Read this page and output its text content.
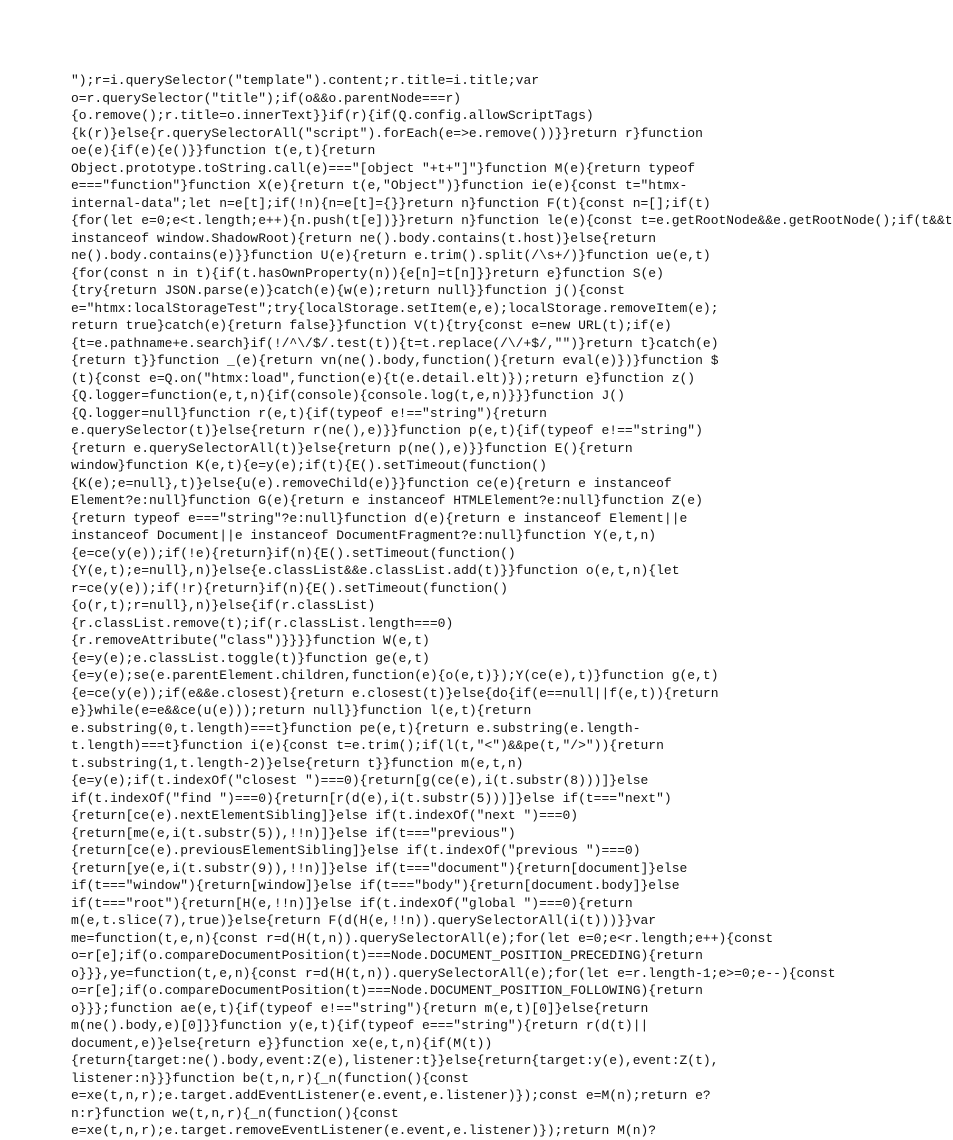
");r=i.querySelector("template").content;r.title=i.title;var
o=r.querySelector("title");if(o&&o.parentNode===r)
{o.remove();r.title=o.innerText}}if(r){if(Q.config.allowScriptTags)
{k(r)}else{r.querySelectorAll("script").forEach(e=>e.remove())}}return r}function
oe(e){if(e){e()}}function t(e,t){return
Object.prototype.toString.call(e)==="[object "+t+"]"}function M(e){return typeof
e==="function"}function X(e){return t(e,"Object")}function ie(e){const t="htmx-
internal-data";let n=e[t];if(!n){n=e[t]={}}return n}function F(t){const n=[];if(t)
{for(let e=0;e<t.length;e++){n.push(t[e])}}return n}function le(e){const t=e.getRootNode&&e.getRootNode();if(t&&t
instanceof window.ShadowRoot){return ne().body.contains(t.host)}else{return
ne().body.contains(e)}}function U(e){return e.trim().split(/\s+/)}function ue(e,t)
{for(const n in t){if(t.hasOwnProperty(n)){e[n]=t[n]}}return e}function S(e)
{try{return JSON.parse(e)}catch(e){w(e);return null}}function j(){const
e="htmx:localStorageTest";try{localStorage.setItem(e,e);localStorage.removeItem(e);
return true}catch(e){return false}}function V(t){try{const e=new URL(t);if(e)
{t=e.pathname+e.search}if(!/^\/$/.test(t)){t=t.replace(/\/+$/,"")}return t}catch(e)
{return t}}function _(e){return vn(ne().body,function(){return eval(e)})}function $
(t){const e=Q.on("htmx:load",function(e){t(e.detail.elt)});return e}function z()
{Q.logger=function(e,t,n){if(console){console.log(t,e,n)}}}function J()
{Q.logger=null}function r(e,t){if(typeof e!=="string"){return
e.querySelector(t)}else{return r(ne(),e)}}function p(e,t){if(typeof e!=="string")
{return e.querySelectorAll(t)}else{return p(ne(),e)}}function E(){return
window}function K(e,t){e=y(e);if(t){E().setTimeout(function()
{K(e);e=null},t)}else{u(e).removeChild(e)}}function ce(e){return e instanceof
Element?e:null}function G(e){return e instanceof HTMLElement?e:null}function Z(e)
{return typeof e==="string"?e:null}function d(e){return e instanceof Element||e
instanceof Document||e instanceof DocumentFragment?e:null}function Y(e,t,n)
{e=ce(y(e));if(!e){return}if(n){E().setTimeout(function()
{Y(e,t);e=null},n)}else{e.classList&&e.classList.add(t)}}function o(e,t,n){let
r=ce(y(e));if(!r){return}if(n){E().setTimeout(function()
{o(r,t);r=null},n)}else{if(r.classList)
{r.classList.remove(t);if(r.classList.length===0)
{r.removeAttribute("class")}}}}function W(e,t)
{e=y(e);e.classList.toggle(t)}function ge(e,t)
{e=y(e);se(e.parentElement.children,function(e){o(e,t)});Y(ce(e),t)}function g(e,t)
{e=ce(y(e));if(e&&e.closest){return e.closest(t)}else{do{if(e==null||f(e,t)){return
e}}while(e=e&&ce(u(e)));return null}}function l(e,t){return
e.substring(0,t.length)===t}function pe(e,t){return e.substring(e.length-
t.length)===t}function i(e){const t=e.trim();if(l(t,"<")&&pe(t,"/>")){return
t.substring(1,t.length-2)}else{return t}}function m(e,t,n)
{e=y(e);if(t.indexOf("closest ")===0){return[g(ce(e),i(t.substr(8)))]}else
if(t.indexOf("find ")===0){return[r(d(e),i(t.substr(5)))]}else if(t==="next")
{return[ce(e).nextElementSibling]}else if(t.indexOf("next ")===0)
{return[me(e,i(t.substr(5)),!!n)]}else if(t==="previous")
{return[ce(e).previousElementSibling]}else if(t.indexOf("previous ")===0)
{return[ye(e,i(t.substr(9)),!!n)]}else if(t==="document"){return[document]}else
if(t==="window"){return[window]}else if(t==="body"){return[document.body]}else
if(t==="root"){return[H(e,!!n)]}else if(t.indexOf("global ")===0){return
m(e,t.slice(7),true)}else{return F(d(H(e,!!n)).querySelectorAll(i(t)))}}var
me=function(t,e,n){const r=d(H(t,n)).querySelectorAll(e);for(let e=0;e<r.length;e++){const
o=r[e];if(o.compareDocumentPosition(t)===Node.DOCUMENT_POSITION_PRECEDING){return
o}}},ye=function(t,e,n){const r=d(H(t,n)).querySelectorAll(e);for(let e=r.length-1;e>=0;e--){const
o=r[e];if(o.compareDocumentPosition(t)===Node.DOCUMENT_POSITION_FOLLOWING){return
o}}};function ae(e,t){if(typeof e!=="string"){return m(e,t)[0]}else{return
m(ne().body,e)[0]}}function y(e,t){if(typeof e==="string"){return r(d(t)||
document,e)}else{return e}}function xe(e,t,n){if(M(t))
{return{target:ne().body,event:Z(e),listener:t}}else{return{target:y(e),event:Z(t),
listener:n}}}function be(t,n,r){_n(function(){const
e=xe(t,n,r);e.target.addEventListener(e.event,e.listener)});const e=M(n);return e?
n:r}function we(t,n,r){_n(function(){const
e=xe(t,n,r);e.target.removeEventListener(e.event,e.listener)});return M(n)?
